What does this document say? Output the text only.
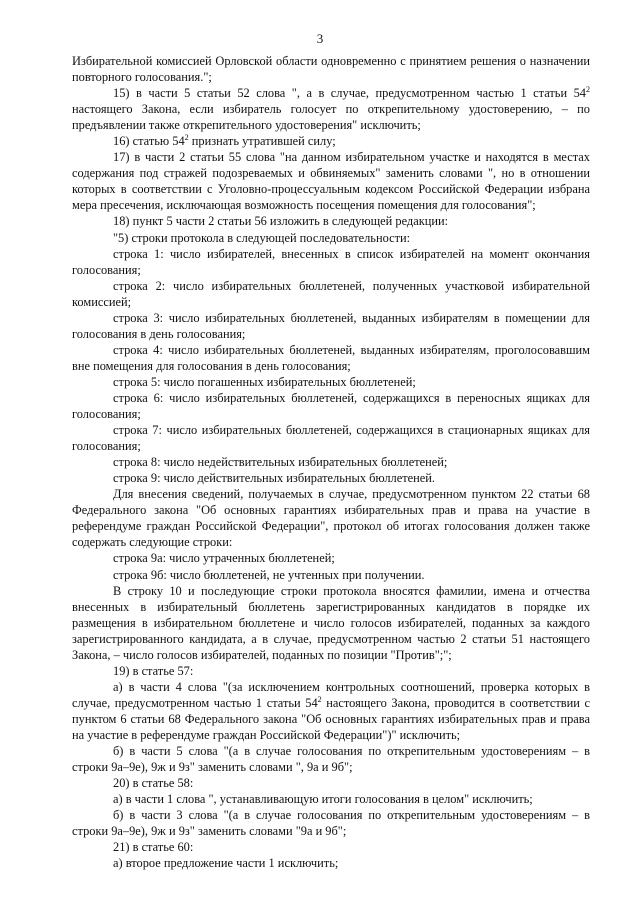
3

Избирательной комиссией Орловской области одновременно с принятием решения о назначении повторного голосования.";

15) в части 5 статьи 52 слова ", а в случае, предусмотренном частью 1 статьи $54^2$ настоящего Закона, если избиратель голосует по открепительному удостоверению, – по предъявлении также открепительного удостоверения" исключить;

16) статью $54^2$ признать утратившей силу;

17) в части 2 статьи 55 слова "на данном избирательном участке и находятся в местах содержания под стражей подозреваемых и обвиняемых" заменить словами ", но в отношении которых в соответствии с Уголовно-процессуальным кодексом Российской Федерации избрана мера пресечения, исключающая возможность посещения помещения для голосования";

18) пункт 5 части 2 статьи 56 изложить в следующей редакции:

"5) строки протокола в следующей последовательности:

строка 1: число избирателей, внесенных в список избирателей на момент окончания голосования;

строка 2: число избирательных бюллетеней, полученных участковой избирательной комиссией;

строка 3: число избирательных бюллетеней, выданных избирателям в помещении для голосования в день голосования;

строка 4: число избирательных бюллетеней, выданных избирателям, проголосовавшим вне помещения для голосования в день голосования;

строка 5: число погашенных избирательных бюллетеней;

строка 6: число избирательных бюллетеней, содержащихся в переносных ящиках для голосования;

строка 7: число избирательных бюллетеней, содержащихся в стационарных ящиках для голосования;

строка 8: число недействительных избирательных бюллетеней;

строка 9: число действительных избирательных бюллетеней.

Для внесения сведений, получаемых в случае, предусмотренном пунктом 22 статьи 68 Федерального закона "Об основных гарантиях избирательных прав и права на участие в референдуме граждан Российской Федерации", протокол об итогах голосования должен также содержать следующие строки:

строка 9а: число утраченных бюллетеней;

строка 9б: число бюллетеней, не учтенных при получении.

В строку 10 и последующие строки протокола вносятся фамилии, имена и отчества внесенных в избирательный бюллетень зарегистрированных кандидатов в порядке их размещения в избирательном бюллетене и число голосов избирателей, поданных за каждого зарегистрированного кандидата, а в случае, предусмотренном частью 2 статьи 51 настоящего Закона, – число голосов избирателей, поданных по позиции "Против";";

19) в статье 57:

а) в части 4 слова "(за исключением контрольных соотношений, проверка которых в случае, предусмотренном частью 1 статьи $54^2$ настоящего Закона, проводится в соответствии с пунктом 6 статьи 68 Федерального закона "Об основных гарантиях избирательных прав и права на участие в референдуме граждан Российской Федерации")" исключить;

б) в части 5 слова "(а в случае голосования по открепительным удостоверениям – в строки 9а–9е), 9ж и 9з" заменить словами ", 9а и 9б";

20) в статье 58:

а) в части 1 слова ", устанавливающую итоги голосования в целом" исключить;

б) в части 3 слова "(а в случае голосования по открепительным удостоверениям – в строки 9а–9е), 9ж и 9з" заменить словами "9а и 9б";

21) в статье 60:

а) второе предложение части 1 исключить;
